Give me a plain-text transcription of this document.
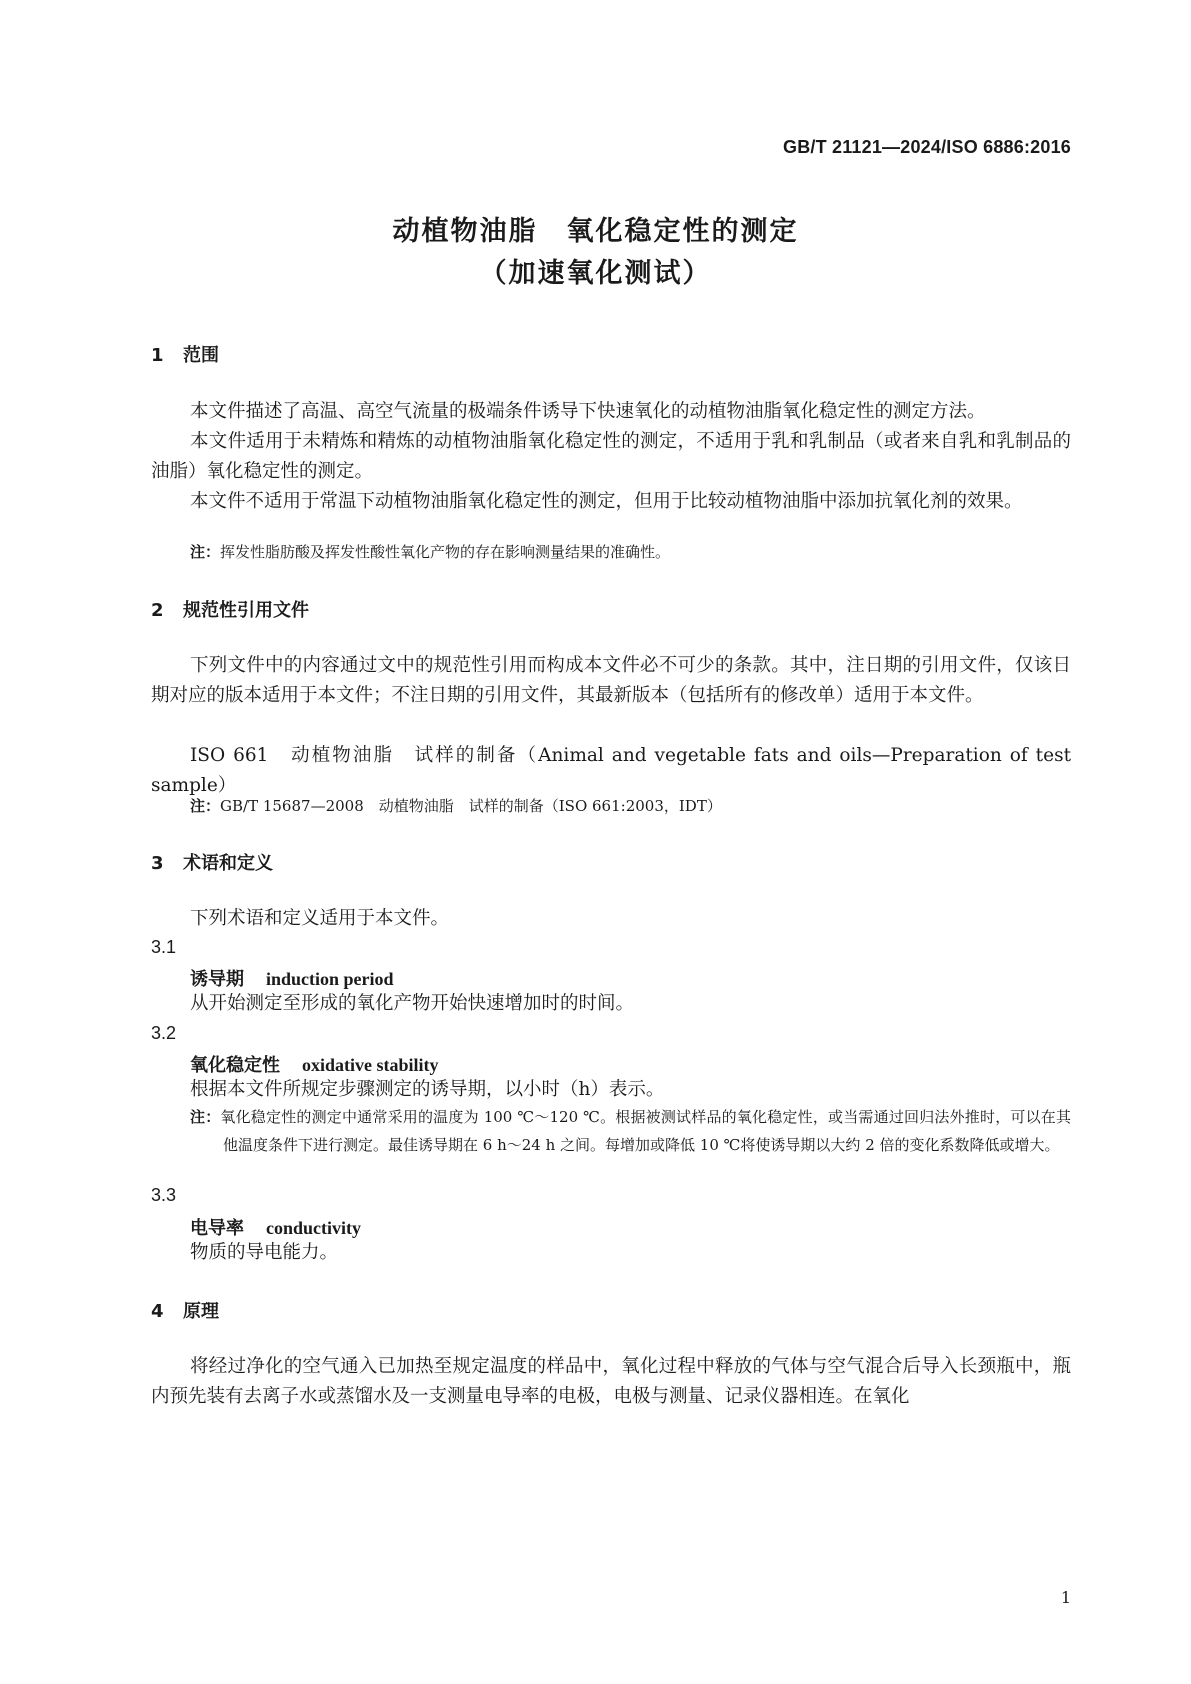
GB/T 21121—2024/ISO 6886:2016
动植物油脂　氧化稳定性的测定
（加速氧化测试）
1 范围
本文件描述了高温、高空气流量的极端条件诱导下快速氧化的动植物油脂氧化稳定性的测定方法。
本文件适用于未精炼和精炼的动植物油脂氧化稳定性的测定，不适用于乳和乳制品（或者来自乳和乳制品的油脂）氧化稳定性的测定。
本文件不适用于常温下动植物油脂氧化稳定性的测定，但用于比较动植物油脂中添加抗氧化剂的效果。
注：挥发性脂肪酸及挥发性酸性氧化产物的存在影响测量结果的准确性。
2 规范性引用文件
下列文件中的内容通过文中的规范性引用而构成本文件必不可少的条款。其中，注日期的引用文件，仅该日期对应的版本适用于本文件；不注日期的引用文件，其最新版本（包括所有的修改单）适用于本文件。
ISO 661　动植物油脂　试样的制备（Animal and vegetable fats and oils—Preparation of test sample）
注：GB/T 15687—2008　动植物油脂　试样的制备（ISO 661:2003，IDT）
3 术语和定义
下列术语和定义适用于本文件。
3.1
诱导期 induction period
从开始测定至形成的氧化产物开始快速增加时的时间。
3.2
氧化稳定性 oxidative stability
根据本文件所规定步骤测定的诱导期，以小时（h）表示。
注：氧化稳定性的测定中通常采用的温度为 100 ℃～120 ℃。根据被测试样品的氧化稳定性，或当需通过回归法外推时，可以在其他温度条件下进行测定。最佳诱导期在 6 h～24 h 之间。每增加或降低 10 ℃将使诱导期以大约 2 倍的变化系数降低或增大。
3.3
电导率 conductivity
物质的导电能力。
4 原理
将经过净化的空气通入已加热至规定温度的样品中，氧化过程中释放的气体与空气混合后导入长颈瓶中，瓶内预先装有去离子水或蒸馏水及一支测量电导率的电极，电极与测量、记录仪器相连。在氧化
1
